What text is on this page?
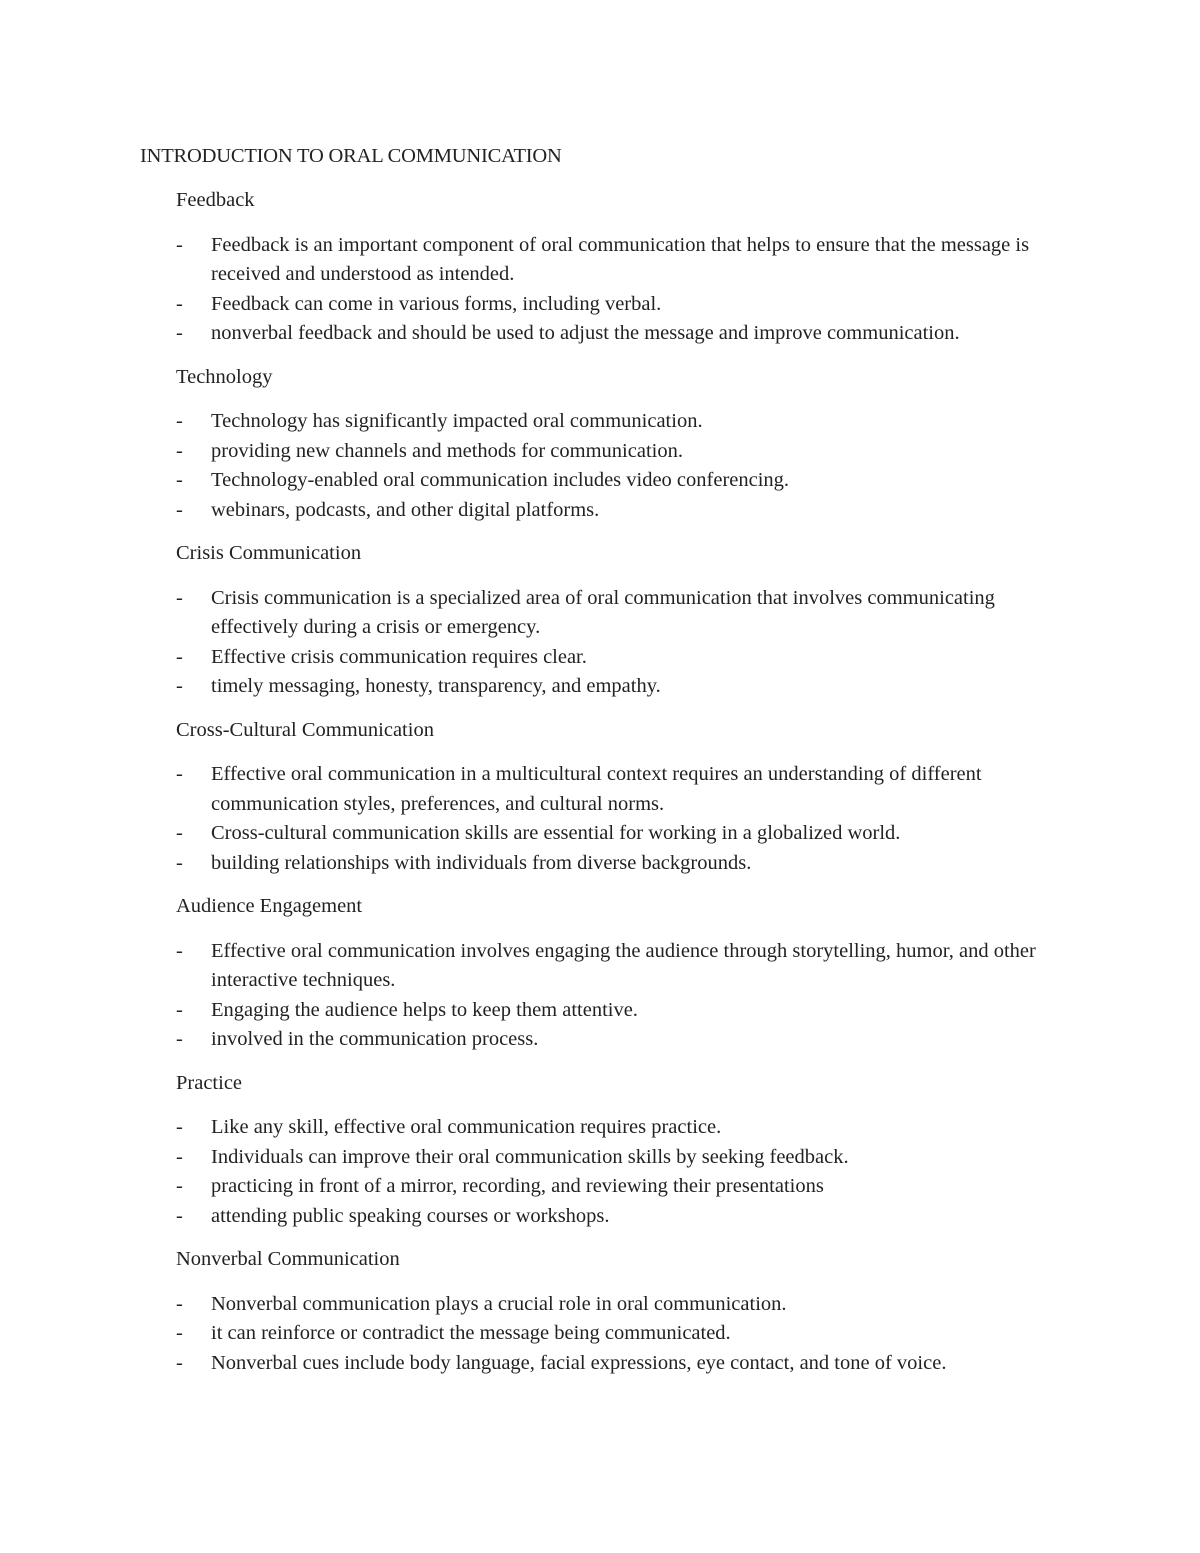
INTRODUCTION TO ORAL COMMUNICATION
Feedback
- Feedback is an important component of oral communication that helps to ensure that the message is received and understood as intended.
- Feedback can come in various forms, including verbal.
- nonverbal feedback and should be used to adjust the message and improve communication.
Technology
- Technology has significantly impacted oral communication.
- providing new channels and methods for communication.
- Technology-enabled oral communication includes video conferencing.
- webinars, podcasts, and other digital platforms.
Crisis Communication
- Crisis communication is a specialized area of oral communication that involves communicating effectively during a crisis or emergency.
- Effective crisis communication requires clear.
- timely messaging, honesty, transparency, and empathy.
Cross-Cultural Communication
- Effective oral communication in a multicultural context requires an understanding of different communication styles, preferences, and cultural norms.
- Cross-cultural communication skills are essential for working in a globalized world.
- building relationships with individuals from diverse backgrounds.
Audience Engagement
- Effective oral communication involves engaging the audience through storytelling, humor, and other interactive techniques.
- Engaging the audience helps to keep them attentive.
- involved in the communication process.
Practice
- Like any skill, effective oral communication requires practice.
- Individuals can improve their oral communication skills by seeking feedback.
- practicing in front of a mirror, recording, and reviewing their presentations
- attending public speaking courses or workshops.
Nonverbal Communication
- Nonverbal communication plays a crucial role in oral communication.
- it can reinforce or contradict the message being communicated.
- Nonverbal cues include body language, facial expressions, eye contact, and tone of voice.
